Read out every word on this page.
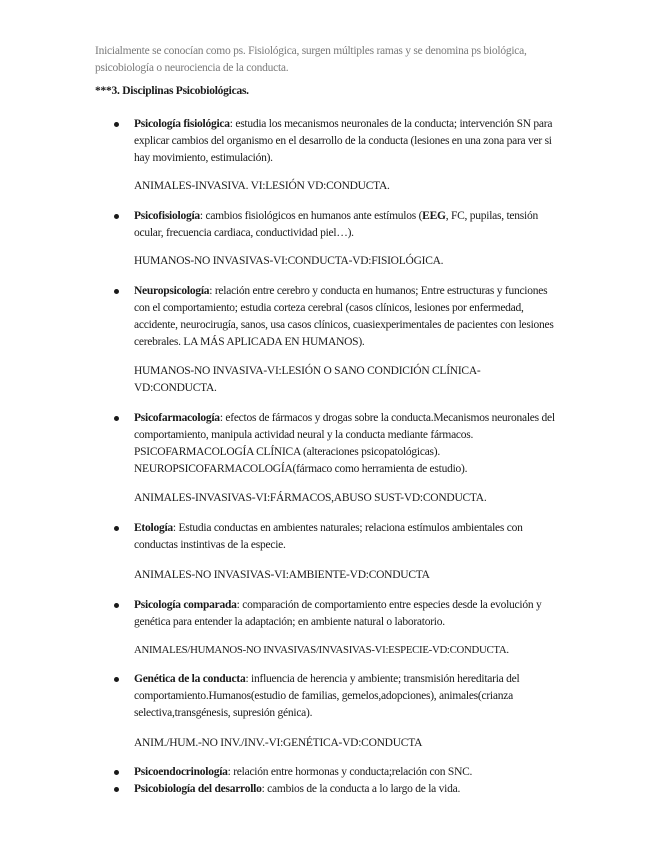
Inicialmente se conocían como ps. Fisiológica, surgen múltiples ramas y se denomina ps biológica, psicobiología o neurociencia de la conducta.
***3. Disciplinas Psicobiológicas.
Psicología fisiológica: estudia los mecanismos neuronales de la conducta; intervención SN para explicar cambios del organismo en el desarrollo de la conducta (lesiones en una zona para ver si hay movimiento, estimulación).
ANIMALES-INVASIVA. VI:LESIÓN VD:CONDUCTA.
Psicofisiología: cambios fisiológicos en humanos ante estímulos (EEG, FC, pupilas, tensión ocular, frecuencia cardiaca, conductividad piel…).
HUMANOS-NO INVASIVAS-VI:CONDUCTA-VD:FISIOLÓGICA.
Neuropsicología: relación entre cerebro y conducta en humanos; Entre estructuras y funciones con el comportamiento; estudia corteza cerebral (casos clínicos, lesiones por enfermedad, accidente, neurocirugía, sanos, usa casos clínicos, cuasiexperimentales de pacientes con lesiones cerebrales. LA MÁS APLICADA EN HUMANOS).
HUMANOS-NO INVASIVA-VI:LESIÓN O SANO CONDICIÓN CLÍNICA-VD:CONDUCTA.
Psicofarmacología: efectos de fármacos y drogas sobre la conducta.Mecanismos neuronales del comportamiento, manipula actividad neural y la conducta mediante fármacos. PSICOFARMACOLOGÍA CLÍNICA (alteraciones psicopatológicas). NEUROPSICOFARMACOLOGÍA(fármaco como herramienta de estudio).
ANIMALES-INVASIVAS-VI:FÁRMACOS,ABUSO SUST-VD:CONDUCTA.
Etología: Estudia conductas en ambientes naturales; relaciona estímulos ambientales con conductas instintivas de la especie.
ANIMALES-NO INVASIVAS-VI:AMBIENTE-VD:CONDUCTA
Psicología comparada: comparación de comportamiento entre especies desde la evolución y genética para entender la adaptación; en ambiente natural o laboratorio.
ANIMALES/HUMANOS-NO INVASIVAS/INVASIVAS-VI:ESPECIE-VD:CONDUCTA.
Genética de la conducta: influencia de herencia y ambiente; transmisión hereditaria del comportamiento.Humanos(estudio de familias, gemelos,adopciones), animales(crianza selectiva,transgénesis, supresión génica).
ANIM./HUM.-NO INV./INV.-VI:GENÉTICA-VD:CONDUCTA
Psicoendocrinología: relación entre hormonas y conducta;relación con SNC.
Psicobiología del desarrollo: cambios de la conducta a lo largo de la vida.
